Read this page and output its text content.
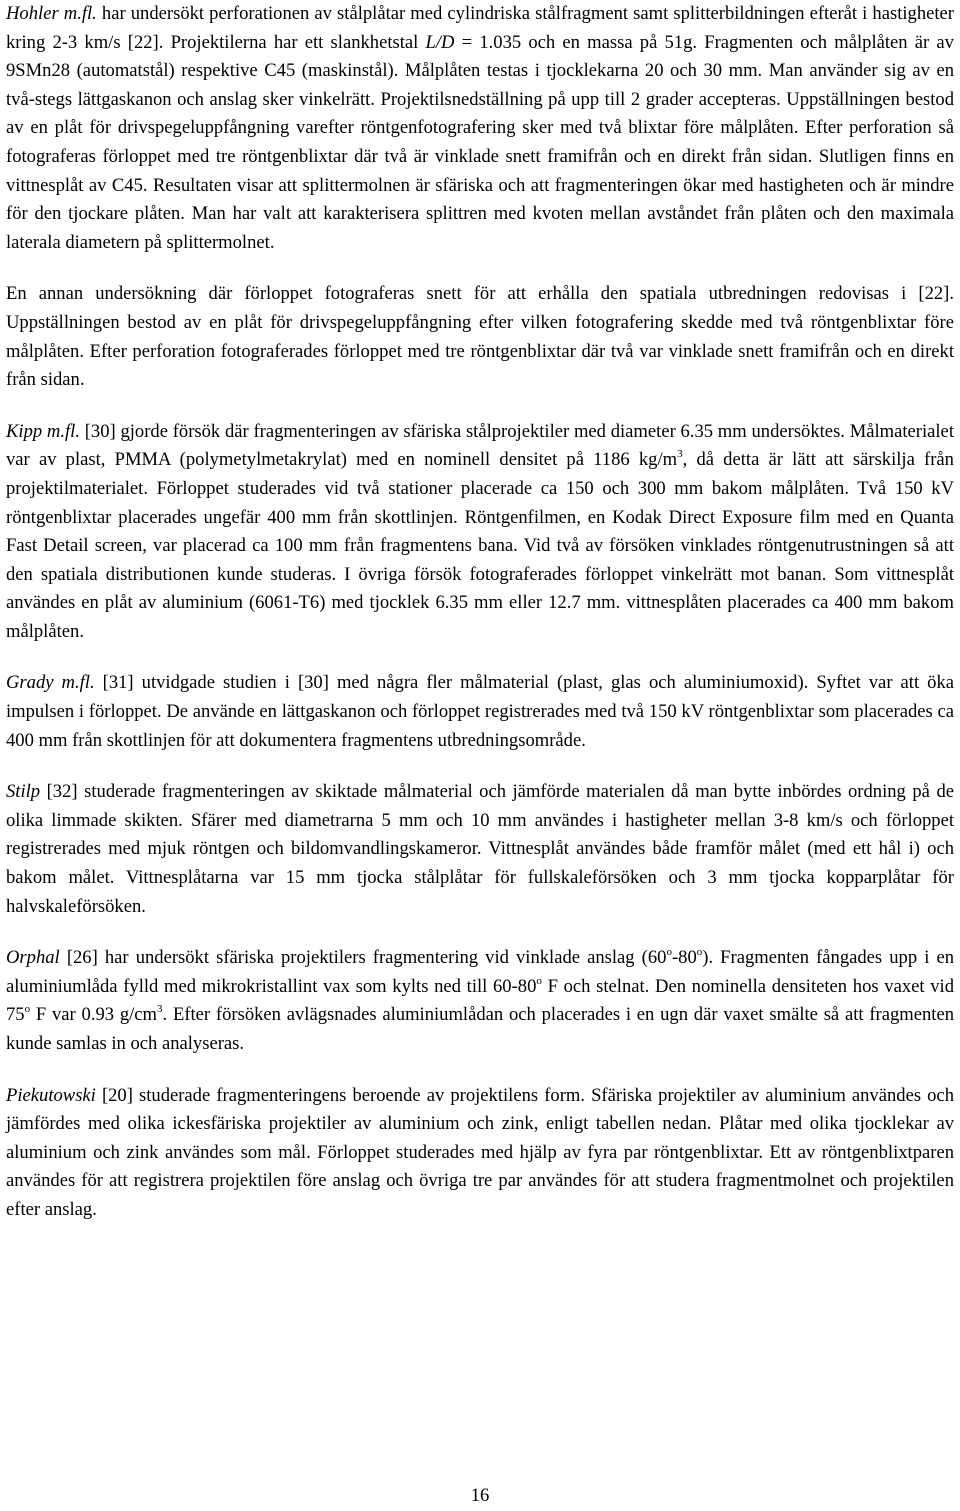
Hohler m.fl. har undersökt perforationen av stålplåtar med cylindriska stålfragment samt splitterbildningen efteråt i hastigheter kring 2-3 km/s [22]. Projektilerna har ett slankhetstal L/D = 1.035 och en massa på 51g. Fragmenten och målplåten är av 9SMn28 (automatstål) respektive C45 (maskinstål). Målplåten testas i tjocklekarna 20 och 30 mm. Man använder sig av en två-stegs lättgaskanon och anslag sker vinkelrätt. Projektilsnedställning på upp till 2 grader accepteras. Uppställningen bestod av en plåt för drivspegeluppfångning varefter röntgenfotografering sker med två blixtar före målplåten. Efter perforation så fotograferas förloppet med tre röntgenblixtar där två är vinklade snett framifrån och en direkt från sidan. Slutligen finns en vittnesplåt av C45. Resultaten visar att splittermolnen är sfäriska och att fragmenteringen ökar med hastigheten och är mindre för den tjockare plåten. Man har valt att karakterisera splittren med kvoten mellan avståndet från plåten och den maximala laterala diametern på splittermolnet.

En annan undersökning där förloppet fotograferas snett för att erhålla den spatiala utbredningen redovisas i [22]. Uppställningen bestod av en plåt för drivspegeluppfångning efter vilken fotografering skedde med två röntgenblixtar före målplåten. Efter perforation fotograferades förloppet med tre röntgenblixtar där två var vinklade snett framifrån och en direkt från sidan.

Kipp m.fl. [30] gjorde försök där fragmenteringen av sfäriska stålprojektiler med diameter 6.35 mm undersöktes. Målmaterialet var av plast, PMMA (polymetylmetakrylat) med en nominell densitet på 1186 $kg/m^3$, då detta är lätt att särskilja från projektilmaterialet. Förloppet studerades vid två stationer placerade ca 150 och 300 mm bakom målplåten. Två 150 kV röntgenblixtar placerades ungefär 400 mm från skottlinjen. Röntgenfilmen, en Kodak Direct Exposure film med en Quanta Fast Detail screen, var placerad ca 100 mm från fragmentens bana. Vid två av försöken vinklades röntgenutrustningen så att den spatiala distributionen kunde studeras. I övriga försök fotograferades förloppet vinkelrätt mot banan. Som vittnesplåt användes en plåt av aluminium (6061-T6) med tjocklek 6.35 mm eller 12.7 mm. vittnesplåten placerades ca 400 mm bakom målplåten.

Grady m.fl. [31] utvidgade studien i [30] med några fler målmaterial (plast, glas och aluminiumoxid). Syftet var att öka impulsen i förloppet. De använde en lättgaskanon och förloppet registrerades med två 150 kV röntgenblixtar som placerades ca 400 mm från skottlinjen för att dokumentera fragmentens utbredningsområde.

Stilp [32] studerade fragmenteringen av skiktade målmaterial och jämförde materialen då man bytte inbördes ordning på de olika limmade skikten. Sfärer med diametrarna 5 mm och 10 mm användes i hastigheter mellan 3-8 km/s och förloppet registrerades med mjuk röntgen och bildomvandlingskameror. Vittnesplåt användes både framför målet (med ett hål i) och bakom målet. Vittnesplåtarna var 15 mm tjocka stålplåtar för fullskaleförsöken och 3 mm tjocka kopparplåtar för halvskaleförsöken.

Orphal [26] har undersökt sfäriska projektilers fragmentering vid vinklade anslag (60$^o$-80$^o$). Fragmenten fångades upp i en aluminiumlåda fylld med mikrokristallint vax som kylts ned till 60-80$^o$ F och stelnat. Den nominella densiteten hos vaxet vid 75$^o$ F var 0.93 $g/cm^3$. Efter försöken avlägsnades aluminiumlådan och placerades i en ugn där vaxet smälte så att fragmenten kunde samlas in och analyseras.

Piekutowski [20] studerade fragmenteringens beroende av projektilens form. Sfäriska projektiler av aluminium användes och jämfördes med olika ickesfäriska projektiler av aluminium och zink, enligt tabellen nedan. Plåtar med olika tjocklekar av aluminium och zink användes som mål. Förloppet studerades med hjälp av fyra par röntgenblixtar. Ett av röntgenblixtparen användes för att registrera projektilen före anslag och övriga tre par användes för att studera fragmentmolnet och projektilen efter anslag.

16
